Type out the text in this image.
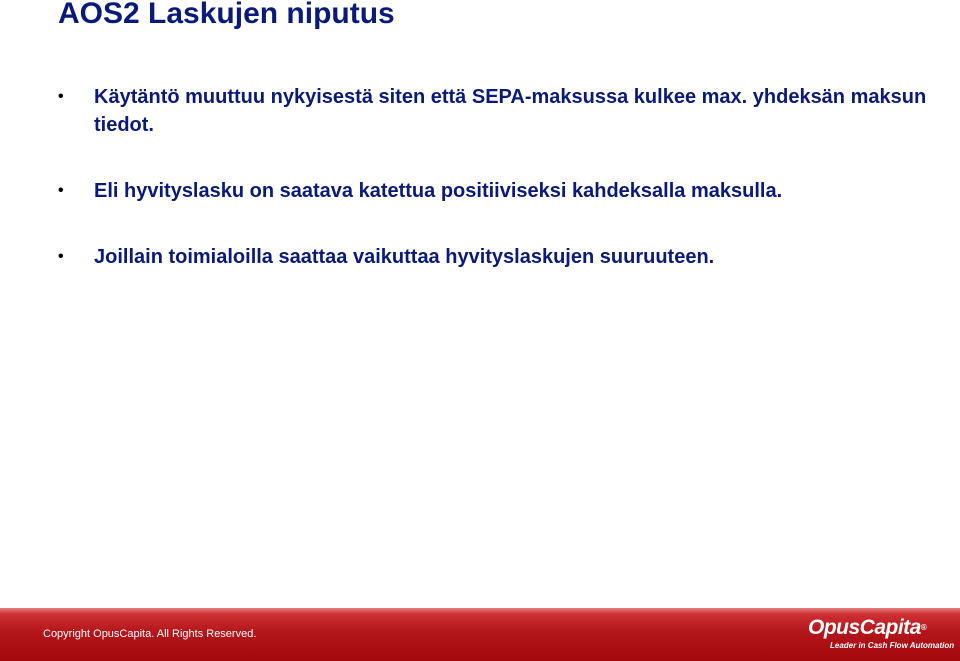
AOS2 Laskujen niputus
• Käytäntö muuttuu nykyisestä siten että SEPA-maksussa kulkee max. yhdeksän maksun tiedot.
• Eli hyvityslasku on saatava katettua positiiviseksi kahdeksalla maksulla.
• Joillain toimialoilla saattaa vaikuttaa hyvityslaskujen suuruuteen.
Copyright OpusCapita. All Rights Reserved.	OpusCapita®
Leader in Cash Flow Automation
